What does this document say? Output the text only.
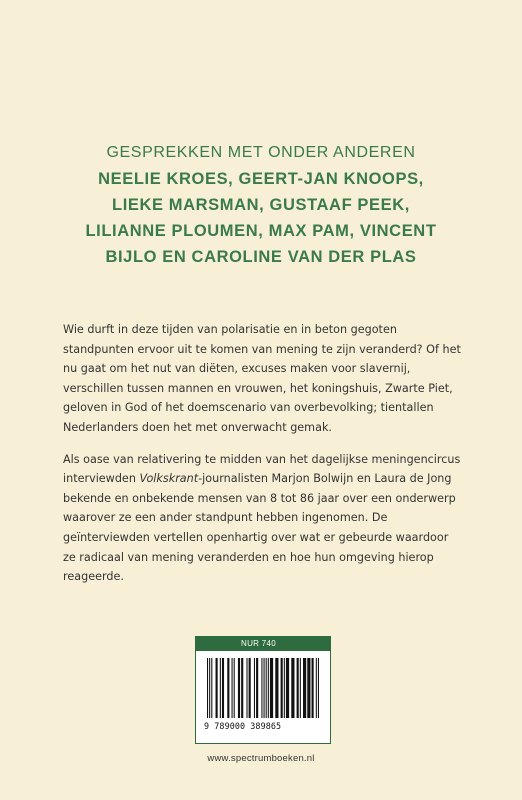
GESPREKKEN MET ONDER ANDEREN
NEELIE KROES, GEERT-JAN KNOOPS,
LIEKE MARSMAN, GUSTAAF PEEK,
LILIANNE PLOUMEN, MAX PAM, VINCENT
BIJLO EN CAROLINE VAN DER PLAS

Wie durft in deze tijden van polarisatie en in beton gegoten standpunten ervoor uit te komen van mening te zijn veranderd? Of het nu gaat om het nut van diëten, excuses maken voor slavernij, verschillen tussen mannen en vrouwen, het koningshuis, Zwarte Piet, geloven in God of het doemscenario van overbevolking; tientallen Nederlanders doen het met onverwacht gemak.

Als oase van relativering te midden van het dagelijkse meningencircus interviewden Volkskrant-journalisten Marjon Bolwijn en Laura de Jong bekende en onbekende mensen van 8 tot 86 jaar over een onderwerp waarover ze een ander standpunt hebben ingenomen. De geïnterviewden vertellen openhartig over wat er gebeurde waardoor ze radicaal van mening veranderden en hoe hun omgeving hierop reageerde.

NUR 740
9 789000 389865
www.spectrumboeken.nl
